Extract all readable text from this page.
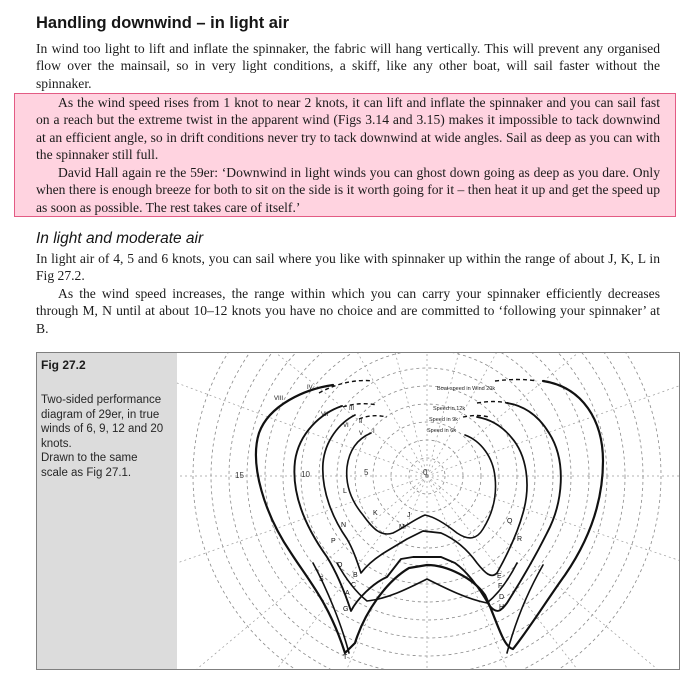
Handling downwind – in light air

In wind too light to lift and inflate the spinnaker, the fabric will hang vertically. This will prevent any organised flow over the mainsail, so in very light conditions, a skiff, like any other boat, will sail faster without the spinnaker.

As the wind speed rises from 1 knot to near 2 knots, it can lift and inflate the spinnaker and you can sail fast on a reach but the extreme twist in the apparent wind (Figs 3.14 and 3.15) makes it impossible to tack downwind at an efficient angle, so in drift conditions never try to tack downwind at wide angles. Sail as deep as you can with the spinnaker still full.

David Hall again re the 59er: ‘Downwind in light winds you can ghost down going as deep as you dare. Only when there is enough breeze for both to sit on the side is it worth going for it – then heat it up and get the speed up as soon as possible. The rest takes care of itself.’

In light and moderate air

In light air of 4, 5 and 6 knots, you can sail where you like with spinnaker up within the range of about J, K, L in Fig 27.2.

As the wind speed increases, the range within which you can carry your spinnaker efficiently decreases through M, N until at about 10–12 knots you have no choice and are committed to ‘following your spinnaker’ at B.

Fig 27.2

Two-sided performance
diagram of 29er, in true
winds of 6, 9, 12 and 20
knots.
Drawn to the same
scale as Fig 27.1.	15	10	5	0
Boat speed in Wind 20k
Speed in 12k
Speed in 9k
Speed in 6k
IV
VIII
VII
III
VI
II
V I
L
K	J
M
N
P
Q
R
B
C
O
A
S
G
E
F
D
H
T
